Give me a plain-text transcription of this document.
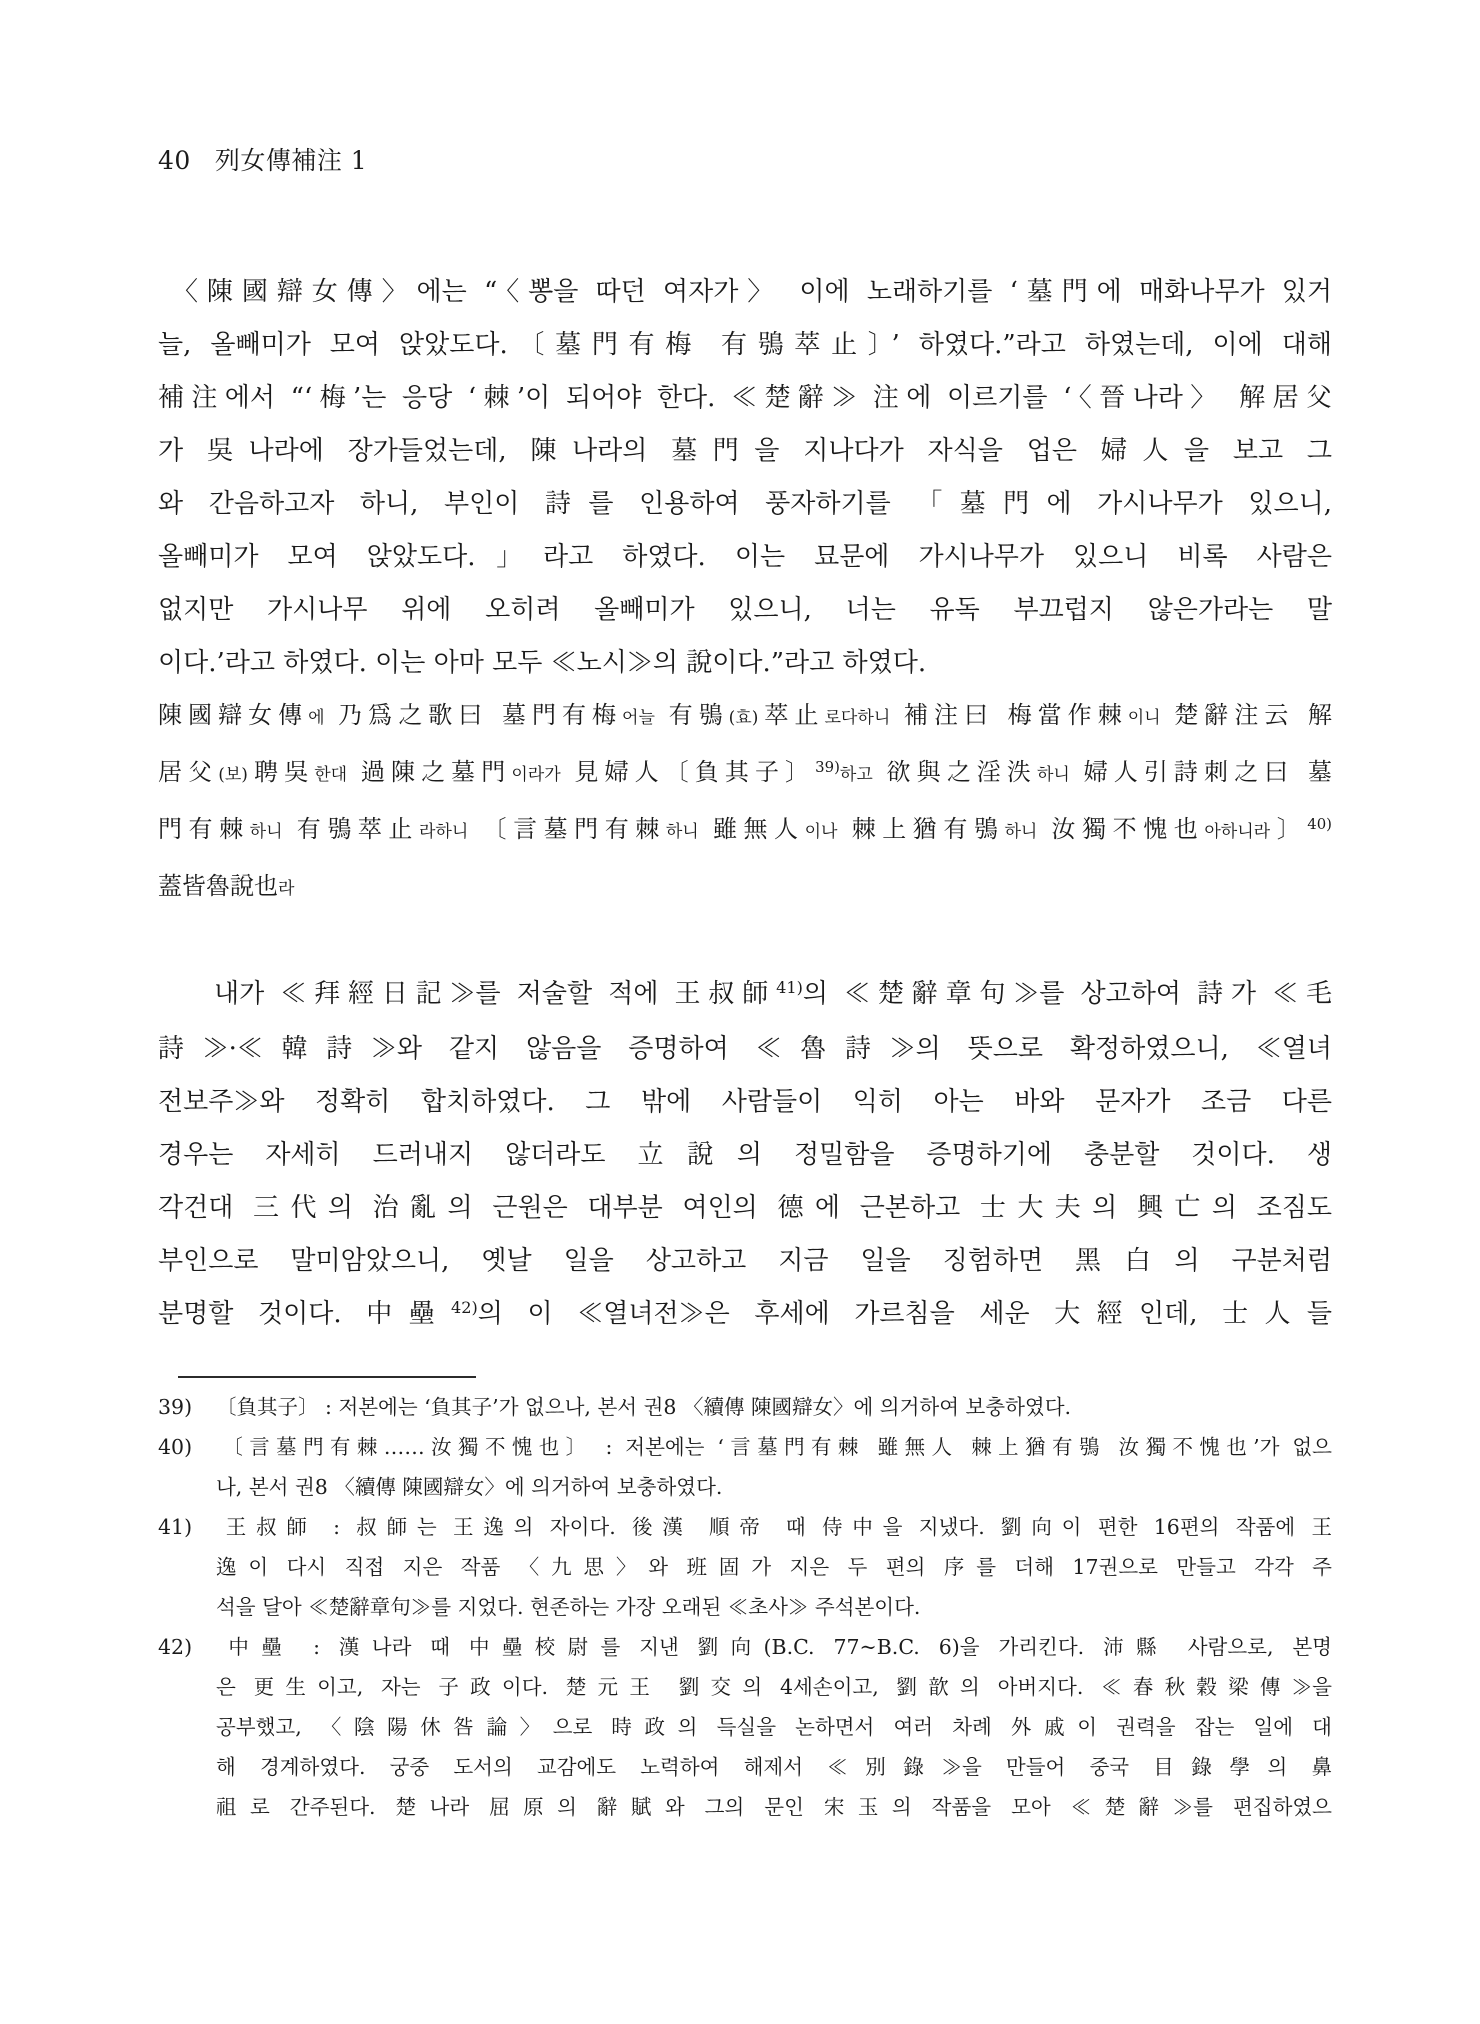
40 列女傳補注 1
〈陳國辯女傳〉에는 “〈뽕을 따던 여자가〉 이에 노래하기를 ‘墓門에 매화나무가 있거
늘, 올빼미가 모여 앉았도다.〔墓門有梅 有鴞萃止〕’ 하였다.”라고 하였는데, 이에 대해
補注에서 “‘梅’는 응당 ‘棘’이 되어야 한다. ≪楚辭≫ 注에 이르기를 ‘〈晉나라〉 解居父
가 吳나라에 장가들었는데, 陳나라의 墓門을 지나다가 자식을 업은 婦人을 보고 그
와 간음하고자 하니, 부인이 詩를 인용하여 풍자하기를 「墓門에 가시나무가 있으니,
올빼미가 모여 앉았도다.」라고 하였다. 이는 묘문에 가시나무가 있으니 비록 사람은
없지만 가시나무 위에 오히려 올빼미가 있으니, 너는 유독 부끄럽지 않은가라는 말
이다.’라고 하였다. 이는 아마 모두 ≪노시≫의 說이다.”라고 하였다.
陳國辯女傳에 乃爲之歌曰 墓門有梅어늘 有鴞(효)萃止로다하니 補注曰 梅當作棘이니 楚辭注云 解
居父(보)聘吳한대 過陳之墓門이라가 見婦人〔負其子〕$^{39)}$하고 欲與之淫泆하니 婦人引詩刺之曰 墓
門有棘하니 有鴞萃止라하니 〔言墓門有棘하니 雖無人이나 棘上猶有鴞하니 汝獨不愧也아하니라〕$^{40)}$
蓋皆魯說也라
내가 ≪拜經日記≫를 저술할 적에 王叔師$^{41)}$의 ≪楚辭章句≫를 상고하여 詩가 ≪毛
詩≫·≪韓詩≫와 같지 않음을 증명하여 ≪魯詩≫의 뜻으로 확정하였으니, ≪열녀
전보주≫와 정확히 합치하였다. 그 밖에 사람들이 익히 아는 바와 문자가 조금 다른
경우는 자세히 드러내지 않더라도 立說의 정밀함을 증명하기에 충분할 것이다. 생
각건대 三代의 治亂의 근원은 대부분 여인의 德에 근본하고 士大夫의 興亡의 조짐도
부인으로 말미암았으니, 옛날 일을 상고하고 지금 일을 징험하면 黑白의 구분처럼
분명할 것이다. 中壘$^{42)}$의 이 ≪열녀전≫은 후세에 가르침을 세운 大經인데, 士人들
39) 〔負其子〕 : 저본에는 ‘負其子’가 없으나, 본서 권8 〈續傳 陳國辯女〉에 의거하여 보충하였다.
40) 〔言墓門有棘……汝獨不愧也〕 : 저본에는 ‘言墓門有棘 雖無人 棘上猶有鴞 汝獨不愧也’가 없으
나, 본서 권8 〈續傳 陳國辯女〉에 의거하여 보충하였다.
41) 王叔師 : 叔師는 王逸의 자이다. 後漢 順帝 때 侍中을 지냈다. 劉向이 편한 16편의 작품에 王
逸이 다시 직접 지은 작품 〈九思〉와 班固가 지은 두 편의 序를 더해 17권으로 만들고 각각 주
석을 달아 ≪楚辭章句≫를 지었다. 현존하는 가장 오래된 ≪초사≫ 주석본이다.
42) 中壘 : 漢나라 때 中壘校尉를 지낸 劉向(B.C. 77~B.C. 6)을 가리킨다. 沛縣 사람으로, 본명
은 更生이고, 자는 子政이다. 楚元王 劉交의 4세손이고, 劉歆의 아버지다. ≪春秋穀梁傳≫을
공부했고, 〈陰陽休咎論〉으로 時政의 득실을 논하면서 여러 차례 外戚이 권력을 잡는 일에 대
해 경계하였다. 궁중 도서의 교감에도 노력하여 해제서 ≪別錄≫을 만들어 중국 目錄學의 鼻
祖로 간주된다. 楚나라 屈原의 辭賦와 그의 문인 宋玉의 작품을 모아 ≪楚辭≫를 편집하였으
